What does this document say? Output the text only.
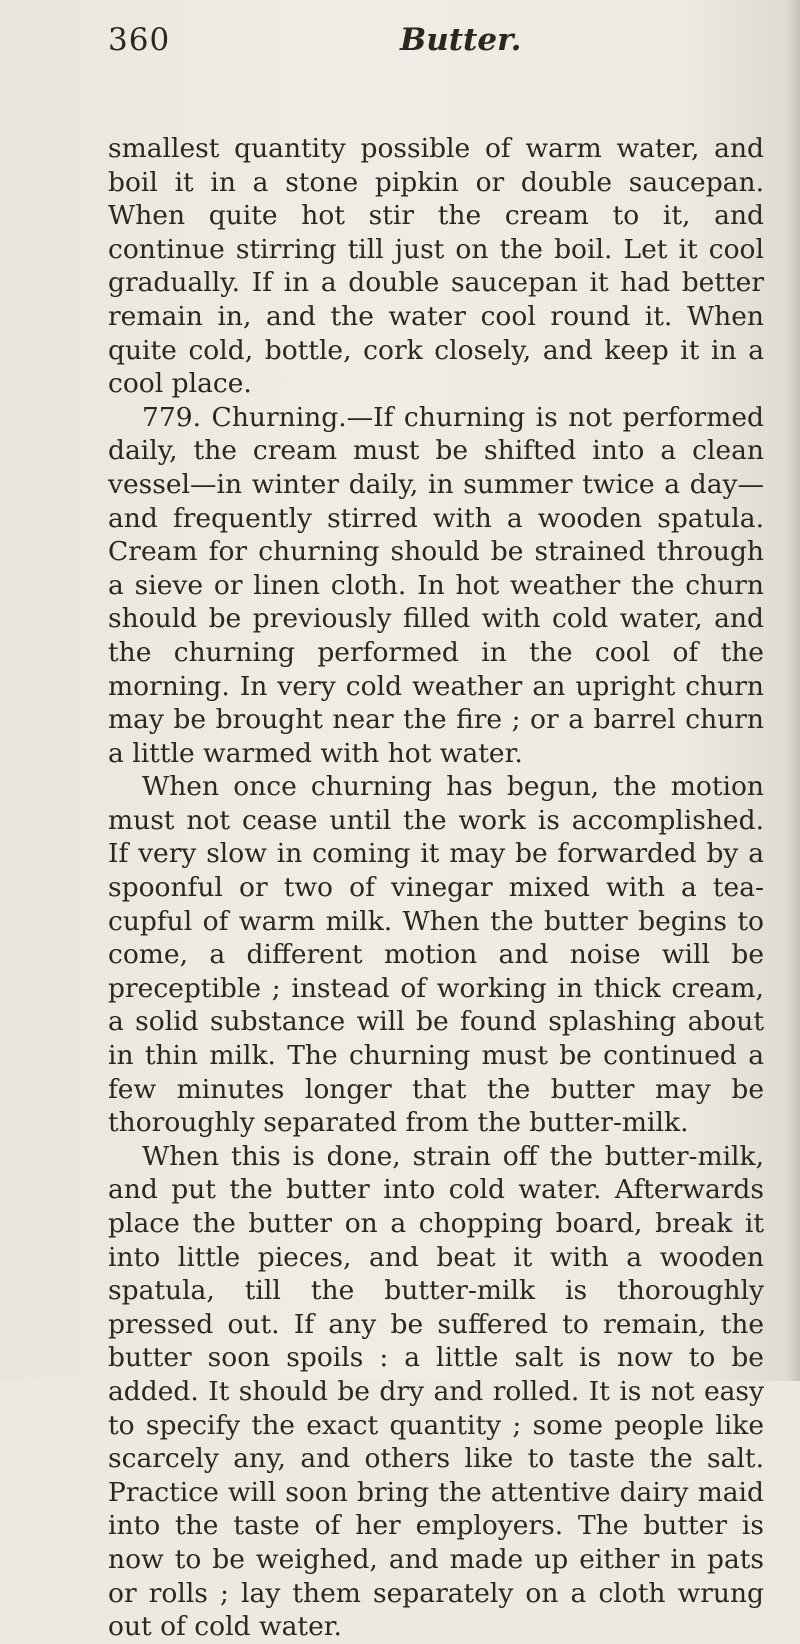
360	Butter.

smallest quantity possible of warm water, and boil it in a stone pipkin or double saucepan. When quite hot stir the cream to it, and continue stirring till just on the boil. Let it cool gradually. If in a double saucepan it had better remain in, and the water cool round it. When quite cold, bottle, cork closely, and keep it in a cool place.

779. Churning.—If churning is not performed daily, the cream must be shifted into a clean vessel—in winter daily, in summer twice a day—and frequently stirred with a wooden spatula. Cream for churning should be strained through a sieve or linen cloth. In hot weather the churn should be previously filled with cold water, and the churning performed in the cool of the morning. In very cold weather an upright churn may be brought near the fire ; or a barrel churn a little warmed with hot water.

When once churning has begun, the motion must not cease until the work is accomplished. If very slow in coming it may be forwarded by a spoonful or two of vinegar mixed with a tea-cupful of warm milk. When the butter begins to come, a different motion and noise will be preceptible ; instead of working in thick cream, a solid substance will be found splashing about in thin milk. The churning must be continued a few minutes longer that the butter may be thoroughly separated from the butter-milk.

When this is done, strain off the butter-milk, and put the butter into cold water. Afterwards place the butter on a chopping board, break it into little pieces, and beat it with a wooden spatula, till the butter-milk is thoroughly pressed out. If any be suffered to remain, the butter soon spoils : a little salt is now to be added. It should be dry and rolled. It is not easy to specify the exact quantity ; some people like scarcely any, and others like to taste the salt. Practice will soon bring the attentive dairy maid into the taste of her employers. The butter is now to be weighed, and made up either in pats or rolls ; lay them separately on a cloth wrung out of cold water.
